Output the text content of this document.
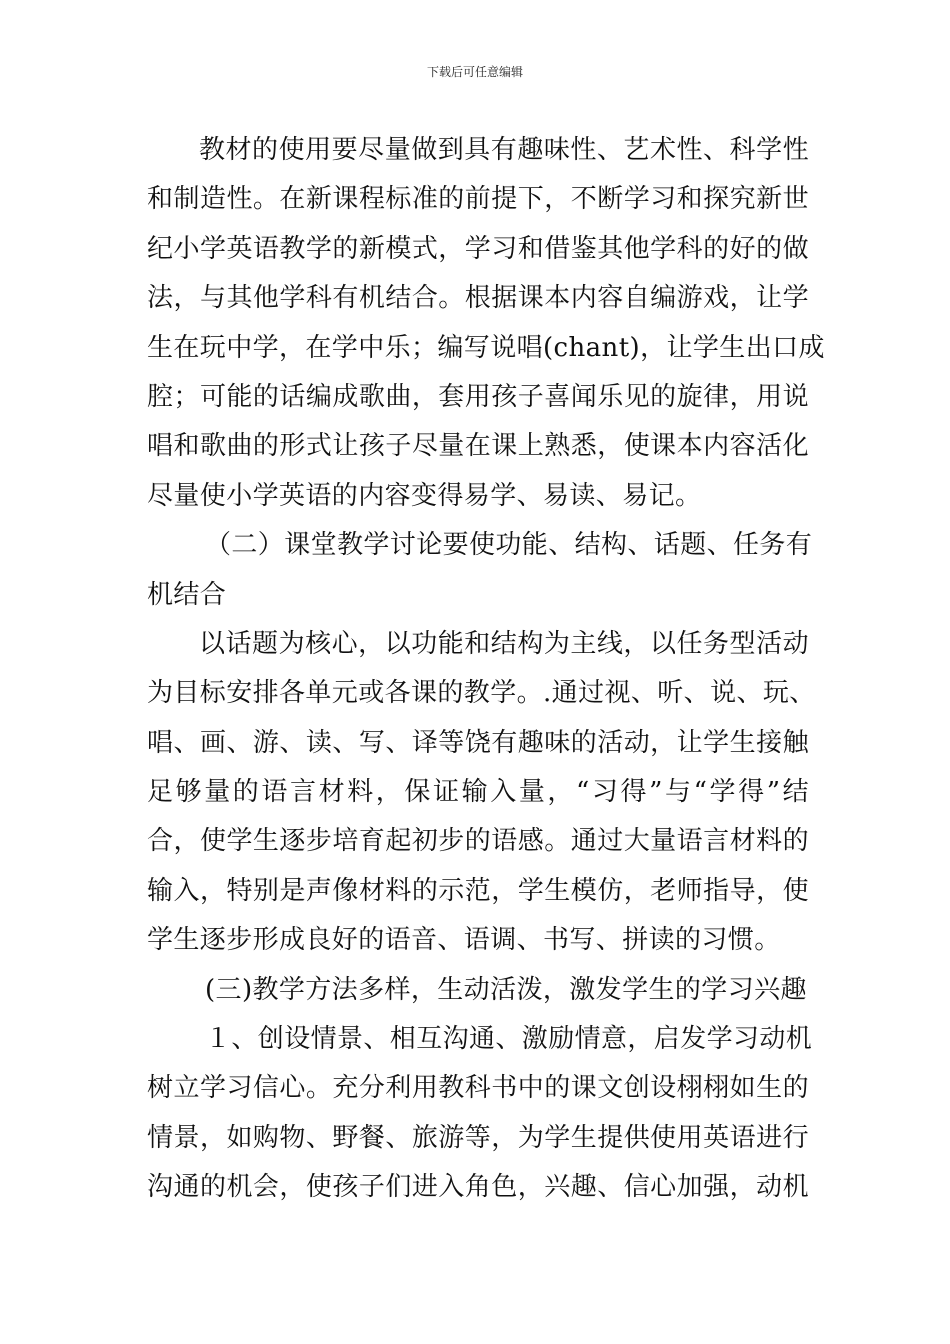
下载后可任意编辑
教材的使用要尽量做到具有趣味性、艺术性、科学性
和制造性。在新课程标准的前提下，不断学习和探究新世
纪小学英语教学的新模式，学习和借鉴其他学科的好的做
法，与其他学科有机结合。根据课本内容自编游戏，让学
生在玩中学，在学中乐；编写说唱(chant)，让学生出口成
腔；可能的话编成歌曲，套用孩子喜闻乐见的旋律，用说
唱和歌曲的形式让孩子尽量在课上熟悉，使课本内容活化
尽量使小学英语的内容变得易学、易读、易记。
（二）课堂教学讨论要使功能、结构、话题、任务有
机结合
以话题为核心，以功能和结构为主线，以任务型活动
为目标安排各单元或各课的教学。.通过视、听、说、玩、
唱、画、游、读、写、译等饶有趣味的活动，让学生接触
足够量的语言材料，保证输入量，“习得”与“学得”结
合，使学生逐步培育起初步的语感。通过大量语言材料的
输入，特别是声像材料的示范，学生模仿，老师指导，使
学生逐步形成良好的语音、语调、书写、拼读的习惯。
(三)教学方法多样，生动活泼，激发学生的学习兴趣
１、创设情景、相互沟通、激励情意，启发学习动机
树立学习信心。充分利用教科书中的课文创设栩栩如生的
情景，如购物、野餐、旅游等，为学生提供使用英语进行
沟通的机会，使孩子们进入角色，兴趣、信心加强，动机
